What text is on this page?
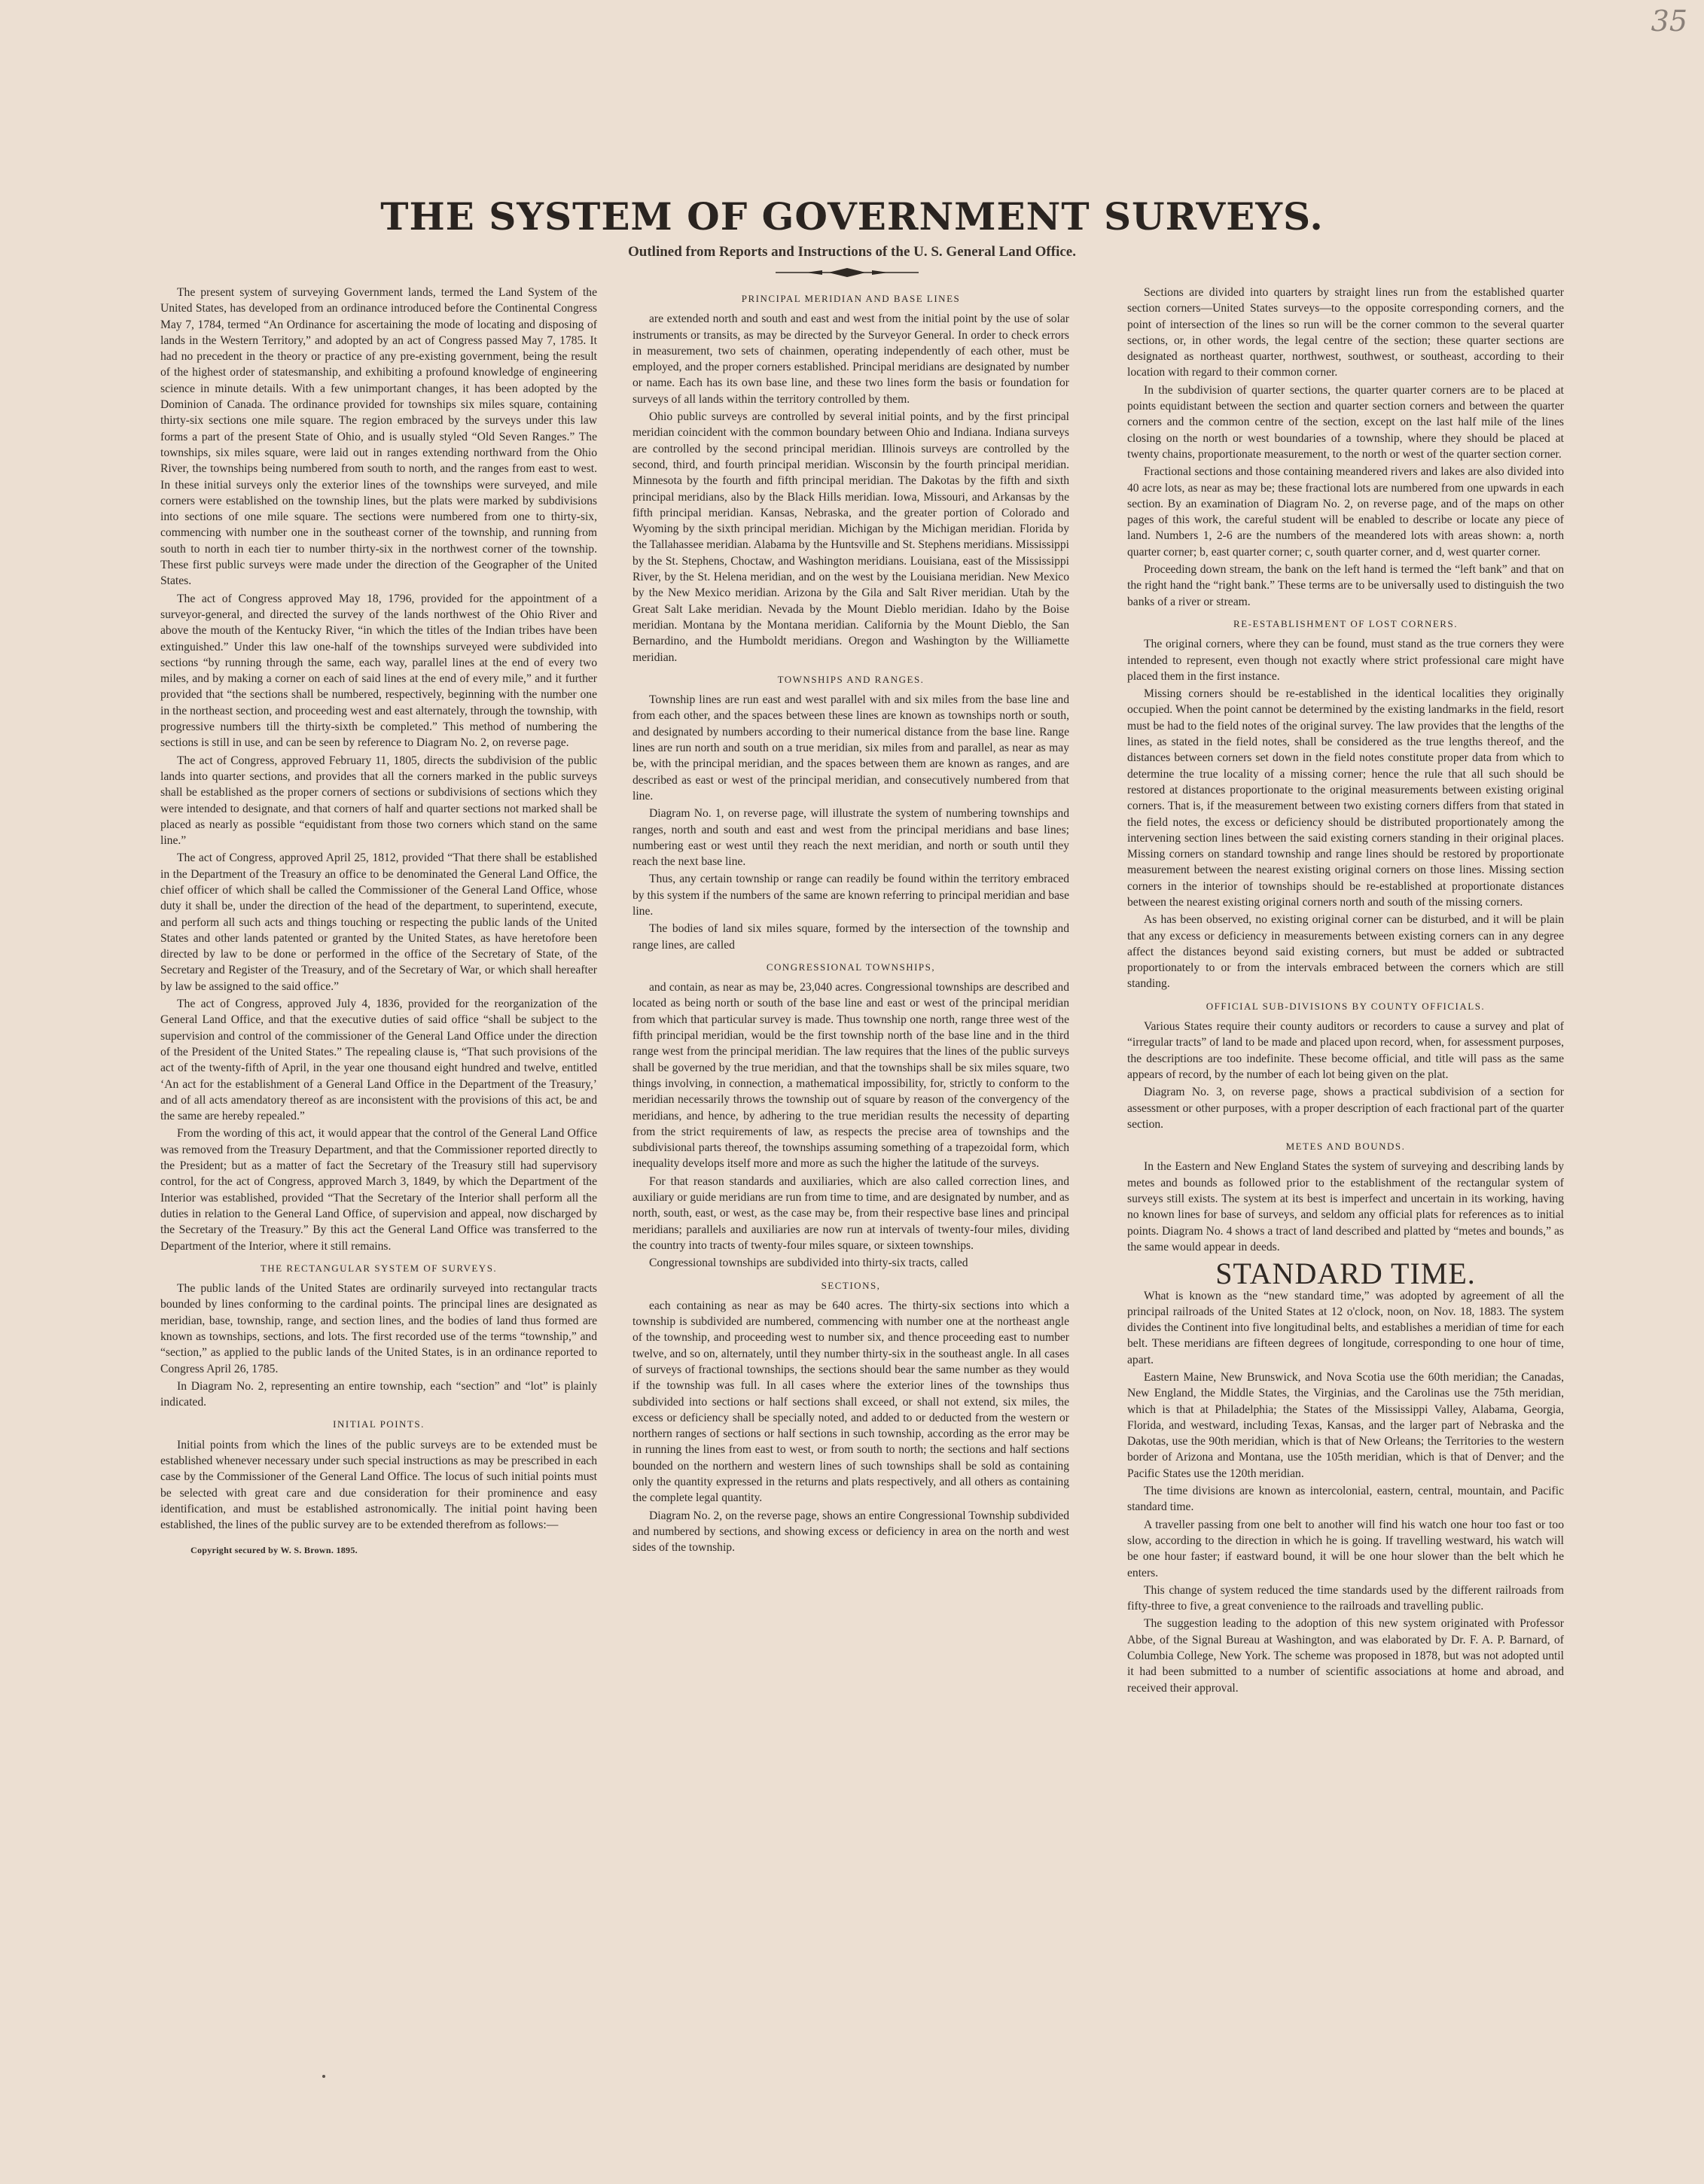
35
THE SYSTEM OF GOVERNMENT SURVEYS.
Outlined from Reports and Instructions of the U. S. General Land Office.

The present system of surveying Government lands, termed the Land System of the United States, has developed from an ordinance introduced before the Continental Congress May 7, 1784, termed “An Ordinance for ascertaining the mode of locating and disposing of lands in the Western Territory,” and adopted by an act of Congress passed May 7, 1785. It had no precedent in the theory or practice of any pre-existing government, being the result of the highest order of statesmanship, and exhibiting a profound knowledge of engineering science in minute details. With a few unimportant changes, it has been adopted by the Dominion of Canada. The ordinance provided for townships six miles square, containing thirty-six sections one mile square. The region embraced by the surveys under this law forms a part of the present State of Ohio, and is usually styled “Old Seven Ranges.” The townships, six miles square, were laid out in ranges extending northward from the Ohio River, the townships being numbered from south to north, and the ranges from east to west. In these initial surveys only the exterior lines of the townships were surveyed, and mile corners were established on the township lines, but the plats were marked by subdivisions into sections of one mile square. The sections were numbered from one to thirty-six, commencing with number one in the southeast corner of the township, and running from south to north in each tier to number thirty-six in the northwest corner of the township. These first public surveys were made under the direction of the Geographer of the United States.

The act of Congress approved May 18, 1796, provided for the appointment of a surveyor-general, and directed the survey of the lands northwest of the Ohio River and above the mouth of the Kentucky River, “in which the titles of the Indian tribes have been extinguished.” Under this law one-half of the townships surveyed were subdivided into sections “by running through the same, each way, parallel lines at the end of every two miles, and by making a corner on each of said lines at the end of every mile,” and it further provided that “the sections shall be numbered, respectively, beginning with the number one in the northeast section, and proceeding west and east alternately, through the township, with progressive numbers till the thirty-sixth be completed.” This method of numbering the sections is still in use, and can be seen by reference to Diagram No. 2, on reverse page.

The act of Congress, approved February 11, 1805, directs the subdivision of the public lands into quarter sections, and provides that all the corners marked in the public surveys shall be established as the proper corners of sections or subdivisions of sections which they were intended to designate, and that corners of half and quarter sections not marked shall be placed as nearly as possible “equidistant from those two corners which stand on the same line.”

The act of Congress, approved April 25, 1812, provided “That there shall be established in the Department of the Treasury an office to be denominated the General Land Office, the chief officer of which shall be called the Commissioner of the General Land Office, whose duty it shall be, under the direction of the head of the department, to superintend, execute, and perform all such acts and things touching or respecting the public lands of the United States and other lands patented or granted by the United States, as have heretofore been directed by law to be done or performed in the office of the Secretary of State, of the Secretary and Register of the Treasury, and of the Secretary of War, or which shall hereafter by law be assigned to the said office.”

The act of Congress, approved July 4, 1836, provided for the reorganization of the General Land Office, and that the executive duties of said office “shall be subject to the supervision and control of the commissioner of the General Land Office under the direction of the President of the United States.” The repealing clause is, “That such provisions of the act of the twenty-fifth of April, in the year one thousand eight hundred and twelve, entitled ‘An act for the establishment of a General Land Office in the Department of the Treasury,’ and of all acts amendatory thereof as are inconsistent with the provisions of this act, be and the same are hereby repealed.”

From the wording of this act, it would appear that the control of the General Land Office was removed from the Treasury Department, and that the Commissioner reported directly to the President; but as a matter of fact the Secretary of the Treasury still had supervisory control, for the act of Congress, approved March 3, 1849, by which the Department of the Interior was established, provided “That the Secretary of the Interior shall perform all the duties in relation to the General Land Office, of supervision and appeal, now discharged by the Secretary of the Treasury.” By this act the General Land Office was transferred to the Department of the Interior, where it still remains.

THE RECTANGULAR SYSTEM OF SURVEYS.

The public lands of the United States are ordinarily surveyed into rectangular tracts bounded by lines conforming to the cardinal points. The principal lines are designated as meridian, base, township, range, and section lines, and the bodies of land thus formed are known as townships, sections, and lots. The first recorded use of the terms “township,” and “section,” as applied to the public lands of the United States, is in an ordinance reported to Congress April 26, 1785.

In Diagram No. 2, representing an entire township, each “section” and “lot” is plainly indicated.

INITIAL POINTS.

Initial points from which the lines of the public surveys are to be extended must be established whenever necessary under such special instructions as may be prescribed in each case by the Commissioner of the General Land Office. The locus of such initial points must be selected with great care and due consideration for their prominence and easy identification, and must be established astronomically. The initial point having been established, the lines of the public survey are to be extended therefrom as follows:—

Copyright secured by W. S. Brown. 1895.
PRINCIPAL MERIDIAN AND BASE LINES

are extended north and south and east and west from the initial point by the use of solar instruments or transits, as may be directed by the Surveyor General. In order to check errors in measurement, two sets of chainmen, operating independently of each other, must be employed, and the proper corners established. Principal meridians are designated by number or name. Each has its own base line, and these two lines form the basis or foundation for surveys of all lands within the territory controlled by them.

Ohio public surveys are controlled by several initial points, and by the first principal meridian coincident with the common boundary between Ohio and Indiana. Indiana surveys are controlled by the second principal meridian. Illinois surveys are controlled by the second, third, and fourth principal meridian. Wisconsin by the fourth principal meridian. Minnesota by the fourth and fifth principal meridian. The Dakotas by the fifth and sixth principal meridians, also by the Black Hills meridian. Iowa, Missouri, and Arkansas by the fifth principal meridian. Kansas, Nebraska, and the greater portion of Colorado and Wyoming by the sixth principal meridian. Michigan by the Michigan meridian. Florida by the Tallahassee meridian. Alabama by the Huntsville and St. Stephens meridians. Mississippi by the St. Stephens, Choctaw, and Washington meridians. Louisiana, east of the Mississippi River, by the St. Helena meridian, and on the west by the Louisiana meridian. New Mexico by the New Mexico meridian. Arizona by the Gila and Salt River meridian. Utah by the Great Salt Lake meridian. Nevada by the Mount Dieblo meridian. Idaho by the Boise meridian. Montana by the Montana meridian. California by the Mount Dieblo, the San Bernardino, and the Humboldt meridians. Oregon and Washington by the Williamette meridian.

TOWNSHIPS AND RANGES.

Township lines are run east and west parallel with and six miles from the base line and from each other, and the spaces between these lines are known as townships north or south, and designated by numbers according to their numerical distance from the base line. Range lines are run north and south on a true meridian, six miles from and parallel, as near as may be, with the principal meridian, and the spaces between them are known as ranges, and are described as east or west of the principal meridian, and consecutively numbered from that line.

Diagram No. 1, on reverse page, will illustrate the system of numbering townships and ranges, north and south and east and west from the principal meridians and base lines; numbering east or west until they reach the next meridian, and north or south until they reach the next base line.

Thus, any certain township or range can readily be found within the territory embraced by this system if the numbers of the same are known referring to principal meridian and base line.

The bodies of land six miles square, formed by the intersection of the township and range lines, are called

CONGRESSIONAL TOWNSHIPS,

and contain, as near as may be, 23,040 acres. Congressional townships are described and located as being north or south of the base line and east or west of the principal meridian from which that particular survey is made. Thus township one north, range three west of the fifth principal meridian, would be the first township north of the base line and in the third range west from the principal meridian. The law requires that the lines of the public surveys shall be governed by the true meridian, and that the townships shall be six miles square, two things involving, in connection, a mathematical impossibility, for, strictly to conform to the meridian necessarily throws the township out of square by reason of the convergency of the meridians, and hence, by adhering to the true meridian results the necessity of departing from the strict requirements of law, as respects the precise area of townships and the subdivisional parts thereof, the townships assuming something of a trapezoidal form, which inequality develops itself more and more as such the higher the latitude of the surveys.

For that reason standards and auxiliaries, which are also called correction lines, and auxiliary or guide meridians are run from time to time, and are designated by number, and as north, south, east, or west, as the case may be, from their respective base lines and principal meridians; parallels and auxiliaries are now run at intervals of twenty-four miles, dividing the country into tracts of twenty-four miles square, or sixteen townships.

Congressional townships are subdivided into thirty-six tracts, called

SECTIONS,

each containing as near as may be 640 acres. The thirty-six sections into which a township is subdivided are numbered, commencing with number one at the northeast angle of the township, and proceeding west to number six, and thence proceeding east to number twelve, and so on, alternately, until they number thirty-six in the southeast angle. In all cases of surveys of fractional townships, the sections should bear the same number as they would if the township was full. In all cases where the exterior lines of the townships thus subdivided into sections or half sections shall exceed, or shall not extend, six miles, the excess or deficiency shall be specially noted, and added to or deducted from the western or northern ranges of sections or half sections in such township, according as the error may be in running the lines from east to west, or from south to north; the sections and half sections bounded on the northern and western lines of such townships shall be sold as containing only the quantity expressed in the returns and plats respectively, and all others as containing the complete legal quantity.

Diagram No. 2, on the reverse page, shows an entire Congressional Township subdivided and numbered by sections, and showing excess or deficiency in area on the north and west sides of the township.

Sections are divided into quarters by straight lines run from the established quarter section corners—United States surveys—to the opposite corresponding corners, and the point of intersection of the lines so run will be the corner common to the several quarter sections, or, in other words, the legal centre of the section; these quarter sections are designated as northeast quarter, northwest, southwest, or southeast, according to their location with regard to their common corner.

In the subdivision of quarter sections, the quarter quarter corners are to be placed at points equidistant between the section and quarter section corners and between the quarter corners and the common centre of the section, except on the last half mile of the lines closing on the north or west boundaries of a township, where they should be placed at twenty chains, proportionate measurement, to the north or west of the quarter section corner.

Fractional sections and those containing meandered rivers and lakes are also divided into 40 acre lots, as near as may be; these fractional lots are numbered from one upwards in each section. By an examination of Diagram No. 2, on reverse page, and of the maps on other pages of this work, the careful student will be enabled to describe or locate any piece of land. Numbers 1, 2-6 are the numbers of the meandered lots with areas shown: a, north quarter corner; b, east quarter corner; c, south quarter corner, and d, west quarter corner.

Proceeding down stream, the bank on the left hand is termed the “left bank” and that on the right hand the “right bank.” These terms are to be universally used to distinguish the two banks of a river or stream.

RE-ESTABLISHMENT OF LOST CORNERS.

The original corners, where they can be found, must stand as the true corners they were intended to represent, even though not exactly where strict professional care might have placed them in the first instance.

Missing corners should be re-established in the identical localities they originally occupied. When the point cannot be determined by the existing landmarks in the field, resort must be had to the field notes of the original survey. The law provides that the lengths of the lines, as stated in the field notes, shall be considered as the true lengths thereof, and the distances between corners set down in the field notes constitute proper data from which to determine the true locality of a missing corner; hence the rule that all such should be restored at distances proportionate to the original measurements between existing original corners. That is, if the measurement between two existing corners differs from that stated in the field notes, the excess or deficiency should be distributed proportionately among the intervening section lines between the said existing corners standing in their original places. Missing corners on standard township and range lines should be restored by proportionate measurement between the nearest existing original corners on those lines. Missing section corners in the interior of townships should be re-established at proportionate distances between the nearest existing original corners north and south of the missing corners.

As has been observed, no existing original corner can be disturbed, and it will be plain that any excess or deficiency in measurements between existing corners can in any degree affect the distances beyond said existing corners, but must be added or subtracted proportionately to or from the intervals embraced between the corners which are still standing.

OFFICIAL SUB-DIVISIONS BY COUNTY OFFICIALS.

Various States require their county auditors or recorders to cause a survey and plat of “irregular tracts” of land to be made and placed upon record, when, for assessment purposes, the descriptions are too indefinite. These become official, and title will pass as the same appears of record, by the number of each lot being given on the plat.

Diagram No. 3, on reverse page, shows a practical subdivision of a section for assessment or other purposes, with a proper description of each fractional part of the quarter section.

METES AND BOUNDS.

In the Eastern and New England States the system of surveying and describing lands by metes and bounds as followed prior to the establishment of the rectangular system of surveys still exists. The system at its best is imperfect and uncertain in its working, having no known lines for base of surveys, and seldom any official plats for references as to initial points. Diagram No. 4 shows a tract of land described and platted by “metes and bounds,” as the same would appear in deeds.

STANDARD TIME.

What is known as the “new standard time,” was adopted by agreement of all the principal railroads of the United States at 12 o'clock, noon, on Nov. 18, 1883. The system divides the Continent into five longitudinal belts, and establishes a meridian of time for each belt. These meridians are fifteen degrees of longitude, corresponding to one hour of time, apart.

Eastern Maine, New Brunswick, and Nova Scotia use the 60th meridian; the Canadas, New England, the Middle States, the Virginias, and the Carolinas use the 75th meridian, which is that at Philadelphia; the States of the Mississippi Valley, Alabama, Georgia, Florida, and westward, including Texas, Kansas, and the larger part of Nebraska and the Dakotas, use the 90th meridian, which is that of New Orleans; the Territories to the western border of Arizona and Montana, use the 105th meridian, which is that of Denver; and the Pacific States use the 120th meridian.

The time divisions are known as intercolonial, eastern, central, mountain, and Pacific standard time.

A traveller passing from one belt to another will find his watch one hour too fast or too slow, according to the direction in which he is going. If travelling westward, his watch will be one hour faster; if eastward bound, it will be one hour slower than the belt which he enters.

This change of system reduced the time standards used by the different railroads from fifty-three to five, a great convenience to the railroads and travelling public.

The suggestion leading to the adoption of this new system originated with Professor Abbe, of the Signal Bureau at Washington, and was elaborated by Dr. F. A. P. Barnard, of Columbia College, New York. The scheme was proposed in 1878, but was not adopted until it had been submitted to a number of scientific associations at home and abroad, and received their approval.
